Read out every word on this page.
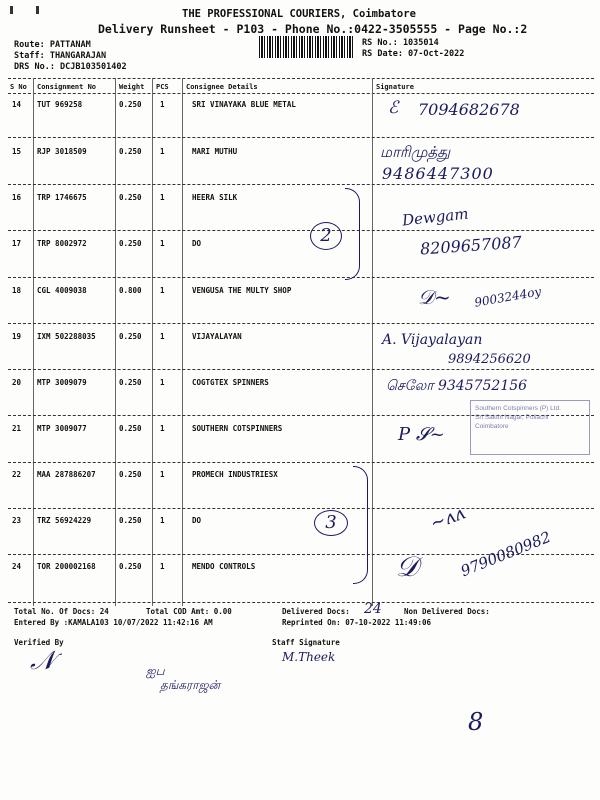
THE PROFESSIONAL COURIERS, Coimbatore
Delivery Runsheet - P103 - Phone No.:0422-3505555 - Page No.:2
Route: PATTANAM
Staff: THANGARAJAN
DRS No.: DCJB103501402
RS No.: 1035014
RS Date: 07-Oct-2022
S No Consignment No	Weight PCS Consignee Details	Signature
14 TUT 969258	0.250 1	SRI VINAYAKA BLUE METAL
15 RJP 3018509	0.250 1	MARI MUTHU
16 TRP 1746675	0.250 1	HEERA SILK
17 TRP 8002972	0.250 1	DO
18 CGL 4009038	0.800 1	VENGUSA THE MULTY SHOP
19 IXM 502288035	0.250 1	VIJAYALAYAN
20 MTP 3009079	0.250 1	COGTGTEX SPINNERS
21 MTP 3009077	0.250 1	SOUTHERN COTSPINNERS
22 MAA 287886207	0.250 1	PROMECH INDUSTRIESX
23 TRZ 56924229	0.250 1	DO
24 TOR 200002168	0.250 1	MENDO CONTROLS
Total No. Of Docs: 24	Total COD Amt: 0.00	Delivered Docs:	Non Delivered Docs:
Entered By :KAMALA103 10/07/2022 11:42:16 AM	Reprinted On: 07-10-2022 11:49:06
Verified By	Staff Signature
ℰ 7094682678
மாரிமுத்து
9486447300
2
Dewgam
8209657087
𝒟~ 9003244oy
A. Vijayalayan
9894256620
செலோ 9345752156
Southern Cotspinners (P) Ltd.
Sri Sakthi Nagar, Pollachi
Coimbatore
P 𝓢~
3
𝒟
∼ʌʌ
9790080982
24
𝒩	M.Theek
ஐப
தங்கராஜன்
8
